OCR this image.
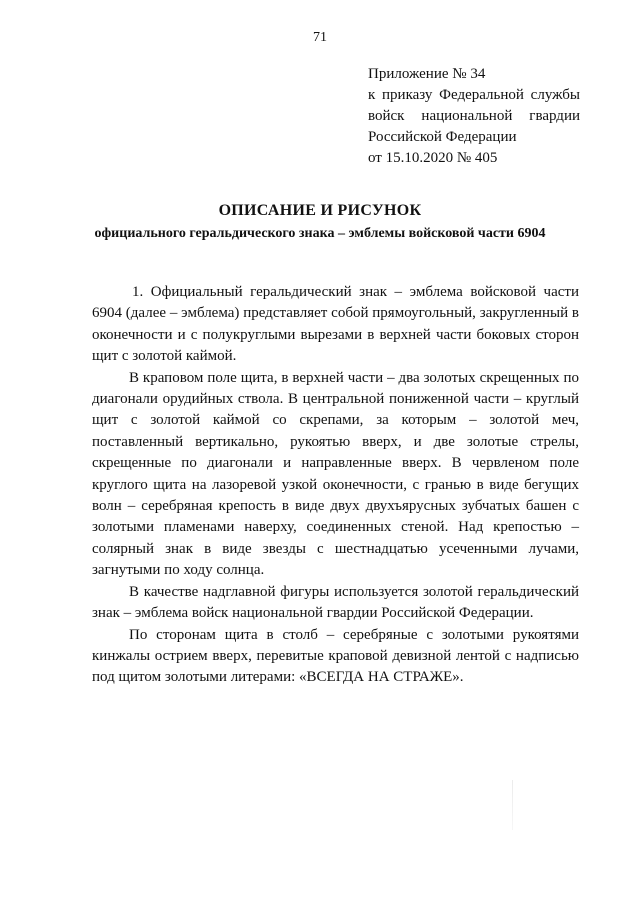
71
Приложение № 34
к приказу Федеральной службы
войск национальной гвардии
Российской Федерации
от 15.10.2020 № 405
ОПИСАНИЕ И РИСУНОК
официального геральдического знака – эмблемы войсковой части 6904

1. Официальный геральдический знак – эмблема войсковой части 6904 (далее – эмблема) представляет собой прямоугольный, закругленный в оконечности и с полукруглыми вырезами в верхней части боковых сторон щит с золотой каймой.

В краповом поле щита, в верхней части – два золотых скрещенных по диагонали орудийных ствола. В центральной пониженной части – круглый щит с золотой каймой со скрепами, за которым – золотой меч, поставленный вертикально, рукоятью вверх, и две золотые стрелы, скрещенные по диагонали и направленные вверх. В червленом поле круглого щита на лазоревой узкой оконечности, с гранью в виде бегущих волн – серебряная крепость в виде двух двухъярусных зубчатых башен с золотыми пламенами наверху, соединенных стеной. Над крепостью – солярный знак в виде звезды с шестнадцатью усеченными лучами, загнутыми по ходу солнца.

В качестве надглавной фигуры используется золотой геральдический знак – эмблема войск национальной гвардии Российской Федерации.

По сторонам щита в столб – серебряные с золотыми рукоятями кинжалы острием вверх, перевитые краповой девизной лентой с надписью под щитом золотыми литерами: «ВСЕГДА НА СТРАЖЕ».
